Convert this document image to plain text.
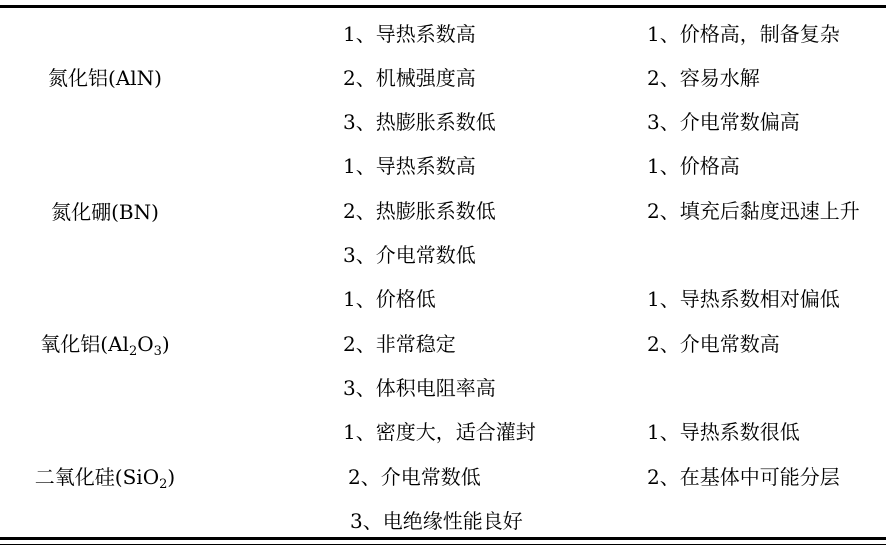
氮化铝(AlN)
1、导热系数高
2、机械强度高
3、热膨胀系数低
1、价格高，制备复杂
2、容易水解
3、介电常数偏高
氮化硼(BN)
1、导热系数高
2、热膨胀系数低
3、介电常数低
1、价格高
2、填充后黏度迅速上升
氧化铝$(Al_2O_3)$
1、价格低
2、非常稳定
3、体积电阻率高
1、导热系数相对偏低
2、介电常数高
二氧化硅(SiO$_2$)
1、密度大，适合灌封
2、介电常数低
3、电绝缘性能良好
1、导热系数很低
2、在基体中可能分层
